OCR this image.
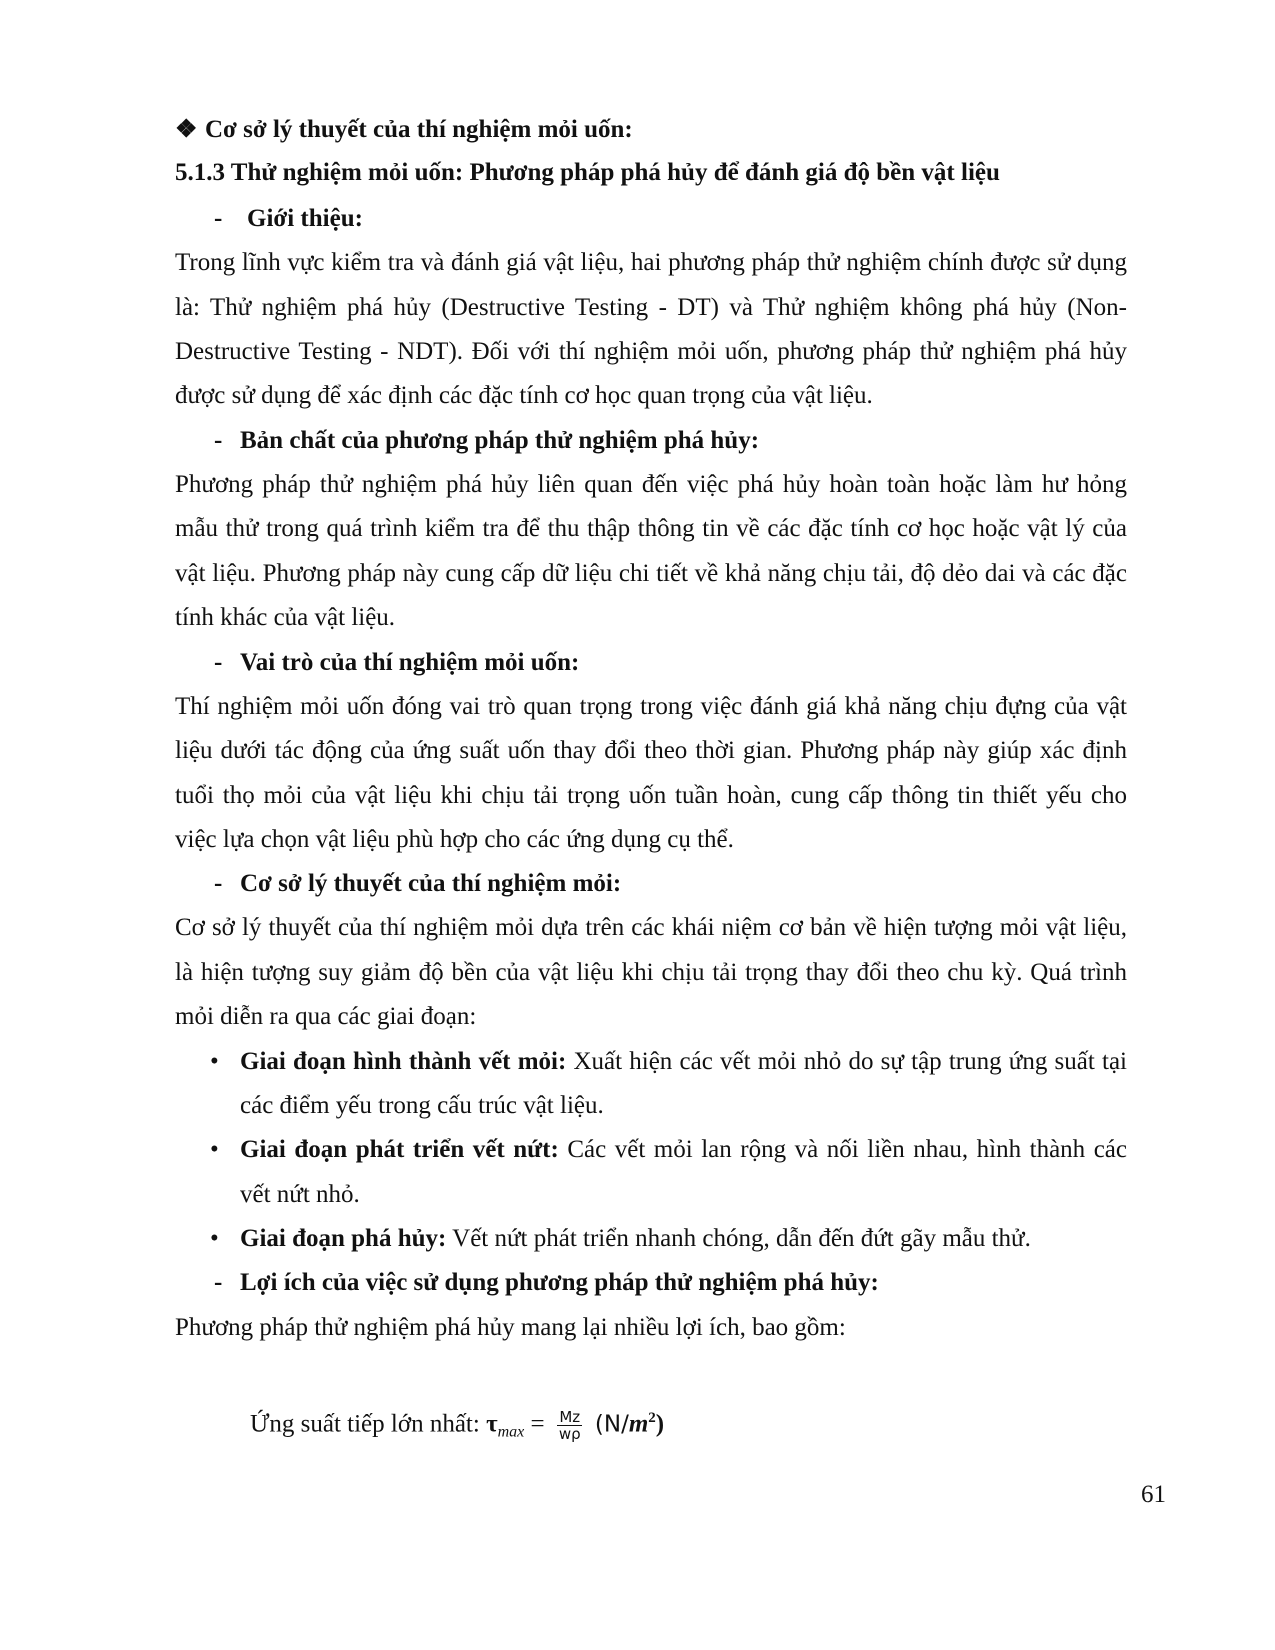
❖ Cơ sở lý thuyết của thí nghiệm mỏi uốn:
5.1.3 Thử nghiệm mỏi uốn: Phương pháp phá hủy để đánh giá độ bền vật liệu
- Giới thiệu:
Trong lĩnh vực kiểm tra và đánh giá vật liệu, hai phương pháp thử nghiệm chính được sử dụng
là: Thử nghiệm phá hủy (Destructive Testing - DT) và Thử nghiệm không phá hủy (Non-
Destructive Testing - NDT). Đối với thí nghiệm mỏi uốn, phương pháp thử nghiệm phá hủy
được sử dụng để xác định các đặc tính cơ học quan trọng của vật liệu.
- Bản chất của phương pháp thử nghiệm phá hủy:
Phương pháp thử nghiệm phá hủy liên quan đến việc phá hủy hoàn toàn hoặc làm hư hỏng
mẫu thử trong quá trình kiểm tra để thu thập thông tin về các đặc tính cơ học hoặc vật lý của
vật liệu. Phương pháp này cung cấp dữ liệu chi tiết về khả năng chịu tải, độ dẻo dai và các đặc
tính khác của vật liệu.
- Vai trò của thí nghiệm mỏi uốn:
Thí nghiệm mỏi uốn đóng vai trò quan trọng trong việc đánh giá khả năng chịu đựng của vật
liệu dưới tác động của ứng suất uốn thay đổi theo thời gian. Phương pháp này giúp xác định
tuổi thọ mỏi của vật liệu khi chịu tải trọng uốn tuần hoàn, cung cấp thông tin thiết yếu cho
việc lựa chọn vật liệu phù hợp cho các ứng dụng cụ thể.
- Cơ sở lý thuyết của thí nghiệm mỏi:
Cơ sở lý thuyết của thí nghiệm mỏi dựa trên các khái niệm cơ bản về hiện tượng mỏi vật liệu,
là hiện tượng suy giảm độ bền của vật liệu khi chịu tải trọng thay đổi theo chu kỳ. Quá trình
mỏi diễn ra qua các giai đoạn:
• Giai đoạn hình thành vết mỏi: Xuất hiện các vết mỏi nhỏ do sự tập trung ứng suất tại
các điểm yếu trong cấu trúc vật liệu.
• Giai đoạn phát triển vết nứt: Các vết mỏi lan rộng và nối liền nhau, hình thành các
vết nứt nhỏ.
• Giai đoạn phá hủy: Vết nứt phát triển nhanh chóng, dẫn đến đứt gãy mẫu thử.
- Lợi ích của việc sử dụng phương pháp thử nghiệm phá hủy:
Phương pháp thử nghiệm phá hủy mang lại nhiều lợi ích, bao gồm:
Ứng suất tiếp lớn nhất: $\tau_{max} = \frac{Mz}{w\rho} (N/m^2)$
61
